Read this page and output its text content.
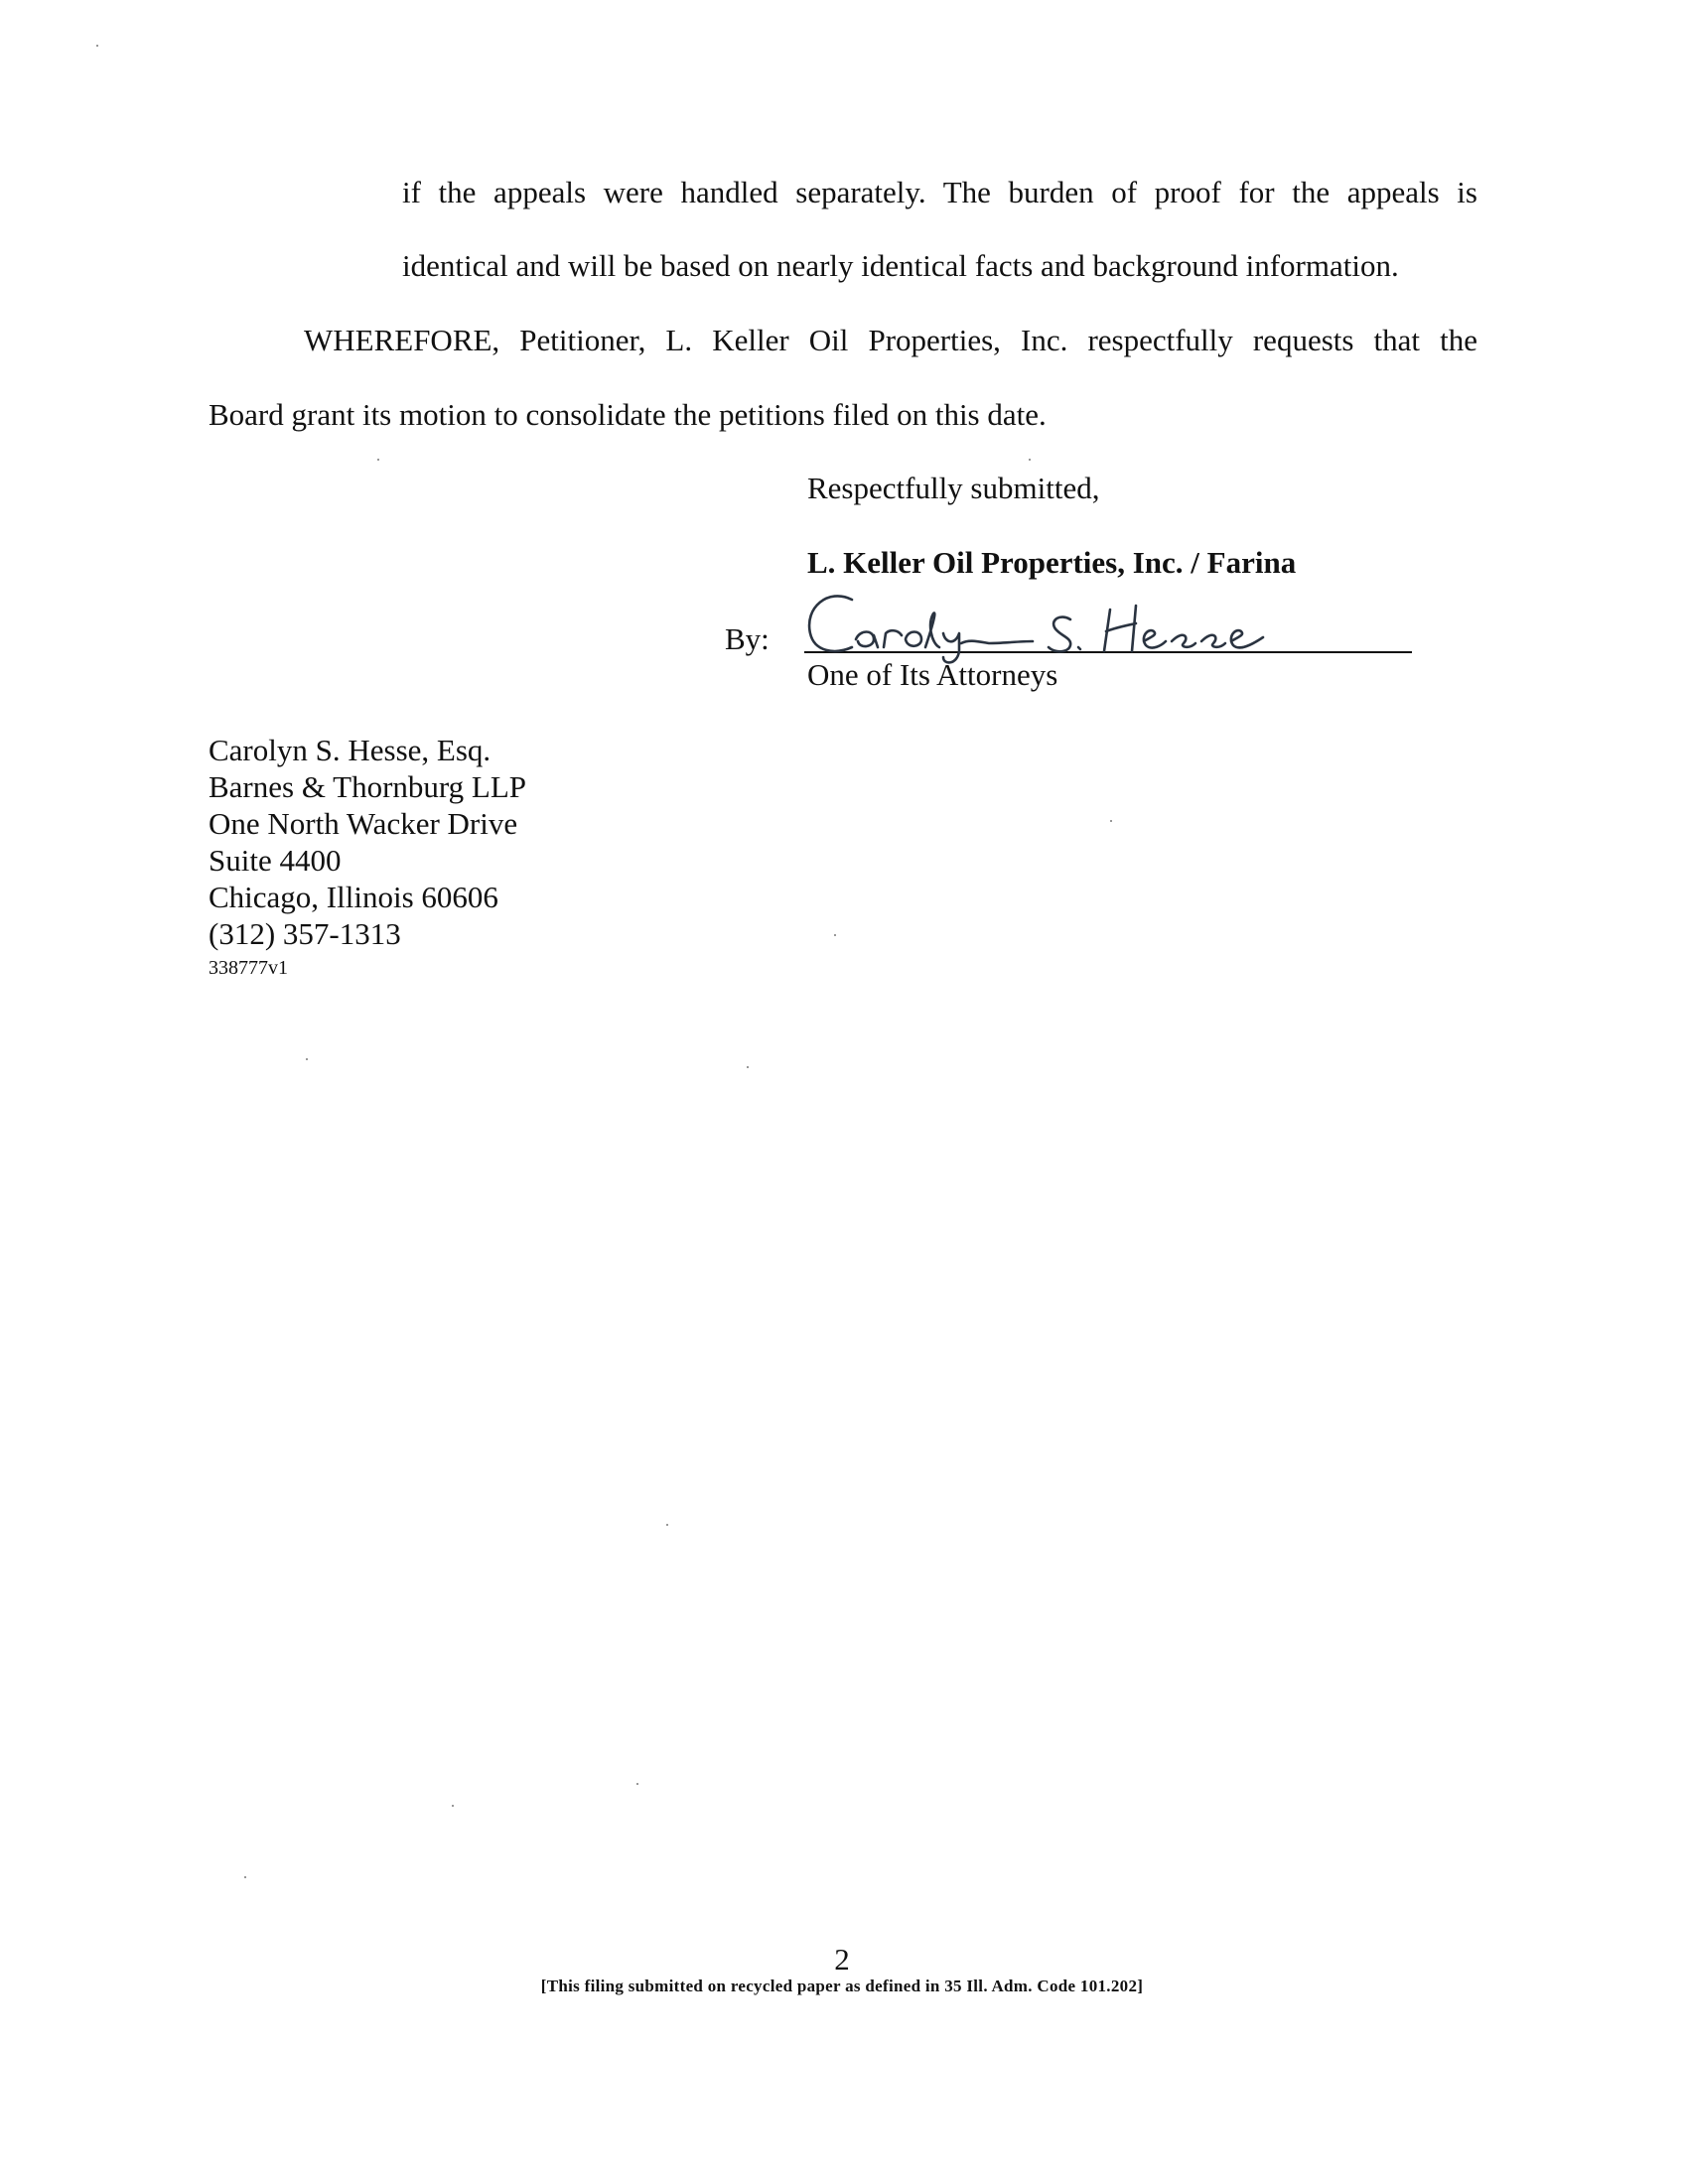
if the appeals were handled separately. The burden of proof for the appeals is
identical and will be based on nearly identical facts and background information.
WHEREFORE, Petitioner, L. Keller Oil Properties, Inc. respectfully requests that the
Board grant its motion to consolidate the petitions filed on this date.
Respectfully submitted,
L. Keller Oil Properties, Inc. / Farina
By:
One of Its Attorneys
Carolyn S. Hesse, Esq.
Barnes & Thornburg LLP
One North Wacker Drive
Suite 4400
Chicago, Illinois 60606
(312) 357-1313
338777v1
2
[This filing submitted on recycled paper as defined in 35 Ill. Adm. Code 101.202]
